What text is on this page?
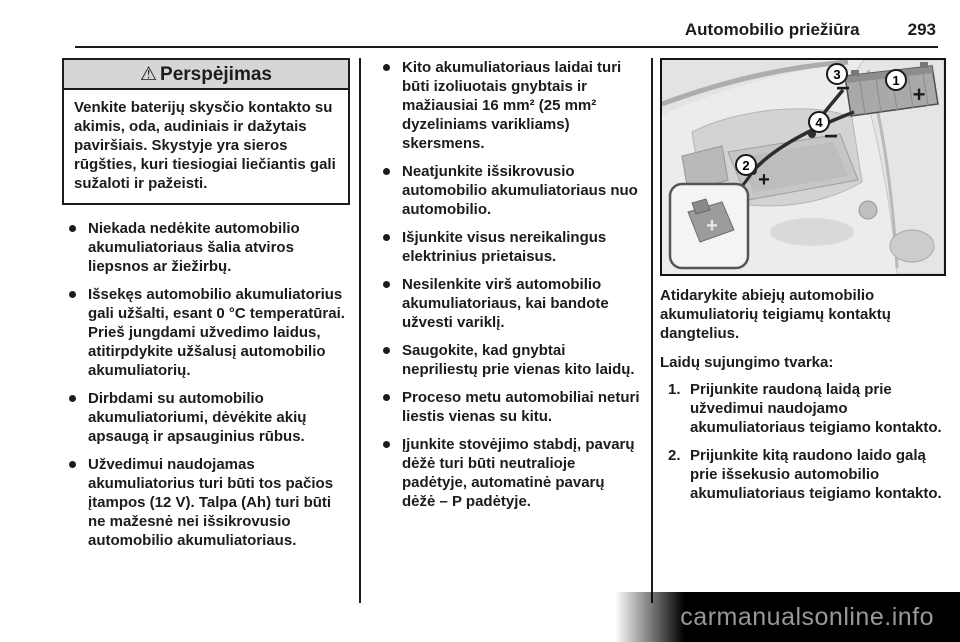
Automobilio priežiūra	293
⚠ Perspėjimas
Venkite baterijų skysčio kontakto su akimis, oda, audiniais ir dažytais paviršiais. Skystyje yra sieros rūgšties, kuri tiesiogiai liečiantis gali sužaloti ir pažeisti.
Niekada nedėkite automobilio akumuliatoriaus šalia atviros liepsnos ar žiežirbų.
Išsekęs automobilio akumuliatorius gali užšalti, esant 0 °C temperatūrai. Prieš jungdami užvedimo laidus, atitirpdykite užšalusį automobilio akumuliatorių.
Dirbdami su automobilio akumuliatoriumi, dėvėkite akių apsaugą ir apsauginius rūbus.
Užvedimui naudojamas akumuliatorius turi būti tos pačios įtampos (12 V). Talpa (Ah) turi būti ne mažesnė nei išsikrovusio automobilio akumuliatoriaus.
Kito akumuliatoriaus laidai turi būti izoliuotais gnybtais ir mažiausiai 16 mm² (25 mm² dyzeliniams varikliams) skersmens.
Neatjunkite išsikrovusio automobilio akumuliatoriaus nuo automobilio.
Išjunkite visus nereikalingus elektrinius prietaisus.
Nesilenkite virš automobilio akumuliatoriaus, kai bandote užvesti variklį.
Saugokite, kad gnybtai nepriliestų prie vienas kito laidų.
Proceso metu automobiliai neturi liestis vienas su kitu.
Įjunkite stovėjimo stabdį, pavarų dėžė turi būti neutralioje padėtyje, automatinė pavarų dėžė – P padėtyje.
+
1
+
3
−
4
−
2
+

Atidarykite abiejų automobilio akumuliatorių teigiamų kontaktų dangtelius.

Laidų sujungimo tvarka:

1. Prijunkite raudoną laidą prie užvedimui naudojamo akumuliatoriaus teigiamo kontakto.
2. Prijunkite kitą raudono laido galą prie išsekusio automobilio akumuliatoriaus teigiamo kontakto.
carmanualsonline.info
